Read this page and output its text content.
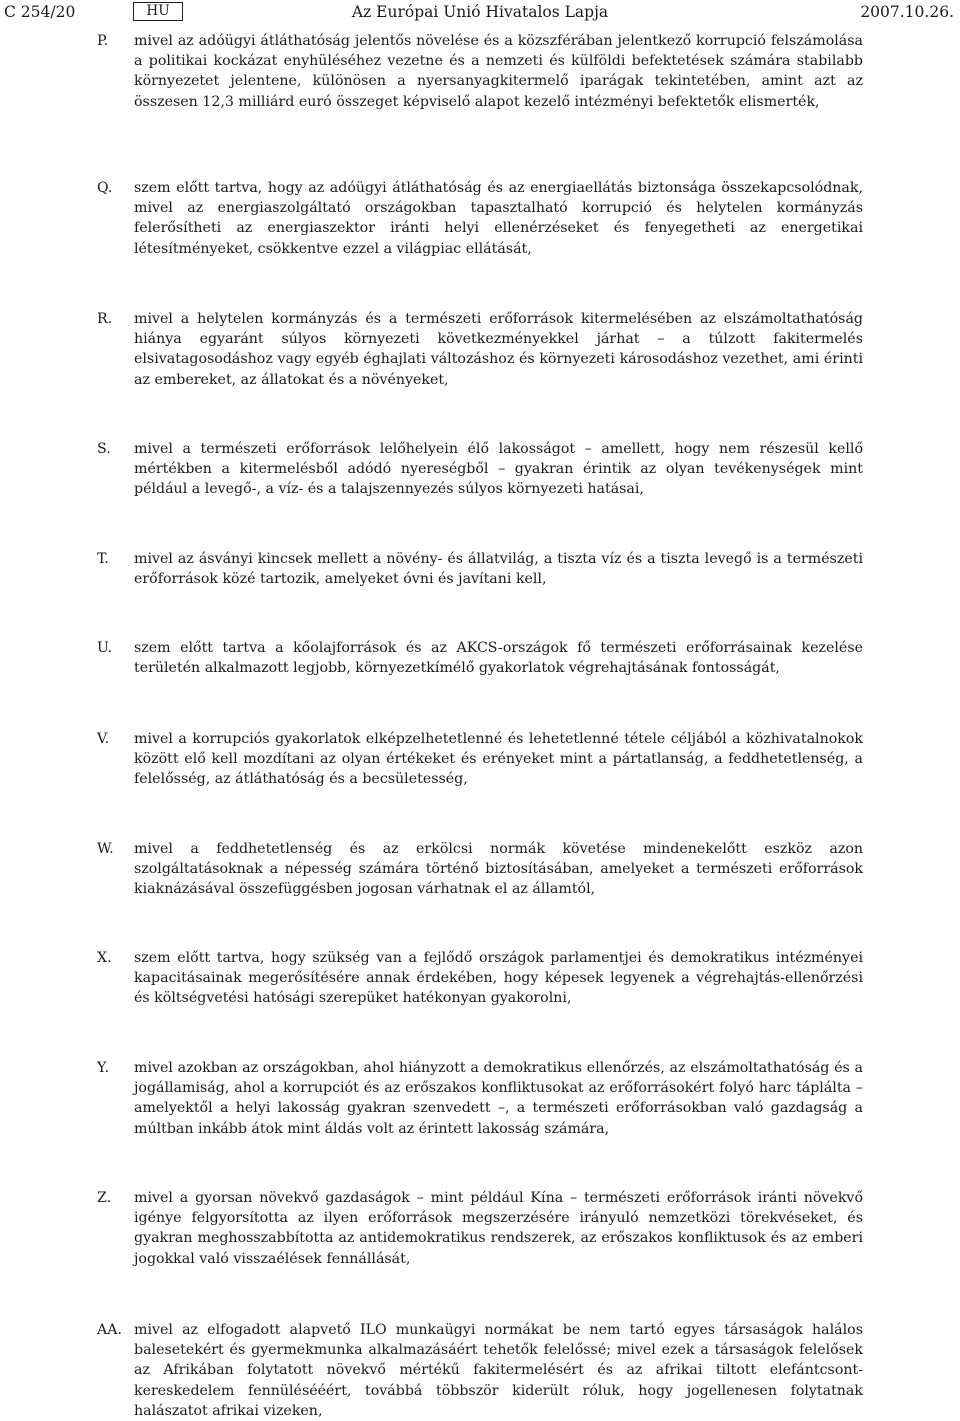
C 254/20	HU	Az Európai Unió Hivatalos Lapja	2007.10.26.
P. mivel az adóügyi átláthatóság jelentős növelése és a közszférában jelentkező korrupció felszámolása a politikai kockázat enyhüléséhez vezetne és a nemzeti és külföldi befektetések számára stabilabb környezetet jelentene, különösen a nyersanyagkitermelő iparágak tekintetében, amint azt az összesen 12,3 milliárd euró összeget képviselő alapot kezelő intézményi befektetők elismerték,
Q. szem előtt tartva, hogy az adóügyi átláthatóság és az energiaellátás biztonsága összekapcsolódnak, mivel az energiaszolgáltató országokban tapasztalható korrupció és helytelen kormányzás felerősítheti az energiaszektor iránti helyi ellenérzéseket és fenyegetheti az energetikai létesítményeket, csökkentve ezzel a világpiac ellátását,
R. mivel a helytelen kormányzás és a természeti erőforrások kitermelésében az elszámoltathatóság hiánya egyaránt súlyos környezeti következményekkel járhat – a túlzott fakitermelés elsivatagosodáshoz vagy egyéb éghajlati változáshoz és környezeti károsodáshoz vezethet, ami érinti az embereket, az állatokat és a növényeket,
S. mivel a természeti erőforrások lelőhelyein élő lakosságot – amellett, hogy nem részesül kellő mértékben a kitermelésből adódó nyereségből – gyakran érintik az olyan tevékenységek mint például a levegő-, a víz- és a talajszennyezés súlyos környezeti hatásai,
T. mivel az ásványi kincsek mellett a növény- és állatvilág, a tiszta víz és a tiszta levegő is a természeti erőforrások közé tartozik, amelyeket óvni és javítani kell,
U. szem előtt tartva a kőolajforrások és az AKCS-országok fő természeti erőforrásainak kezelése területén alkalmazott legjobb, környezetkímélő gyakorlatok végrehajtásának fontosságát,
V. mivel a korrupciós gyakorlatok elképzelhetetlenné és lehetetlenné tétele céljából a közhivatalnokok között elő kell mozdítani az olyan értékeket és erényeket mint a pártatlanság, a feddhetetlenség, a felelősség, az átláthatóság és a becsületesség,
W. mivel a feddhetetlenség és az erkölcsi normák követése mindenekelőtt eszköz azon szolgáltatásoknak a népesség számára történő biztosításában, amelyeket a természeti erőforrások kiaknázásával összefüggésben jogosan várhatnak el az államtól,
X. szem előtt tartva, hogy szükség van a fejlődő országok parlamentjei és demokratikus intézményei kapacitásainak megerősítésére annak érdekében, hogy képesek legyenek a végrehajtás-ellenőrzési és költségvetési hatósági szerepüket hatékonyan gyakorolni,
Y. mivel azokban az országokban, ahol hiányzott a demokratikus ellenőrzés, az elszámoltathatóság és a jogállamiság, ahol a korrupciót és az erőszakos konfliktusokat az erőforrásokért folyó harc táplálta – amelyektől a helyi lakosság gyakran szenvedett –, a természeti erőforrásokban való gazdagság a múltban inkább átok mint áldás volt az érintett lakosság számára,
Z. mivel a gyorsan növekvő gazdaságok – mint például Kína – természeti erőforrások iránti növekvő igénye felgyorsította az ilyen erőforrások megszerzésére irányuló nemzetközi törekvéseket, és gyakran meghosszabbította az antidemokratikus rendszerek, az erőszakos konfliktusok és az emberi jogokkal való visszaélések fennállását,
AA. mivel az elfogadott alapvető ILO munkaügyi normákat be nem tartó egyes társaságok halálos balesetekért és gyermekmunka alkalmazásáért tehetők felelőssé; mivel ezek a társaságok felelősek az Afrikában folytatott növekvő mértékű fakitermelésért és az afrikai tiltott elefántcsont-kereskedelem fennülésééért, továbbá többször kiderült róluk, hogy jogellenesen folytatnak halászatot afrikai vizeken,
